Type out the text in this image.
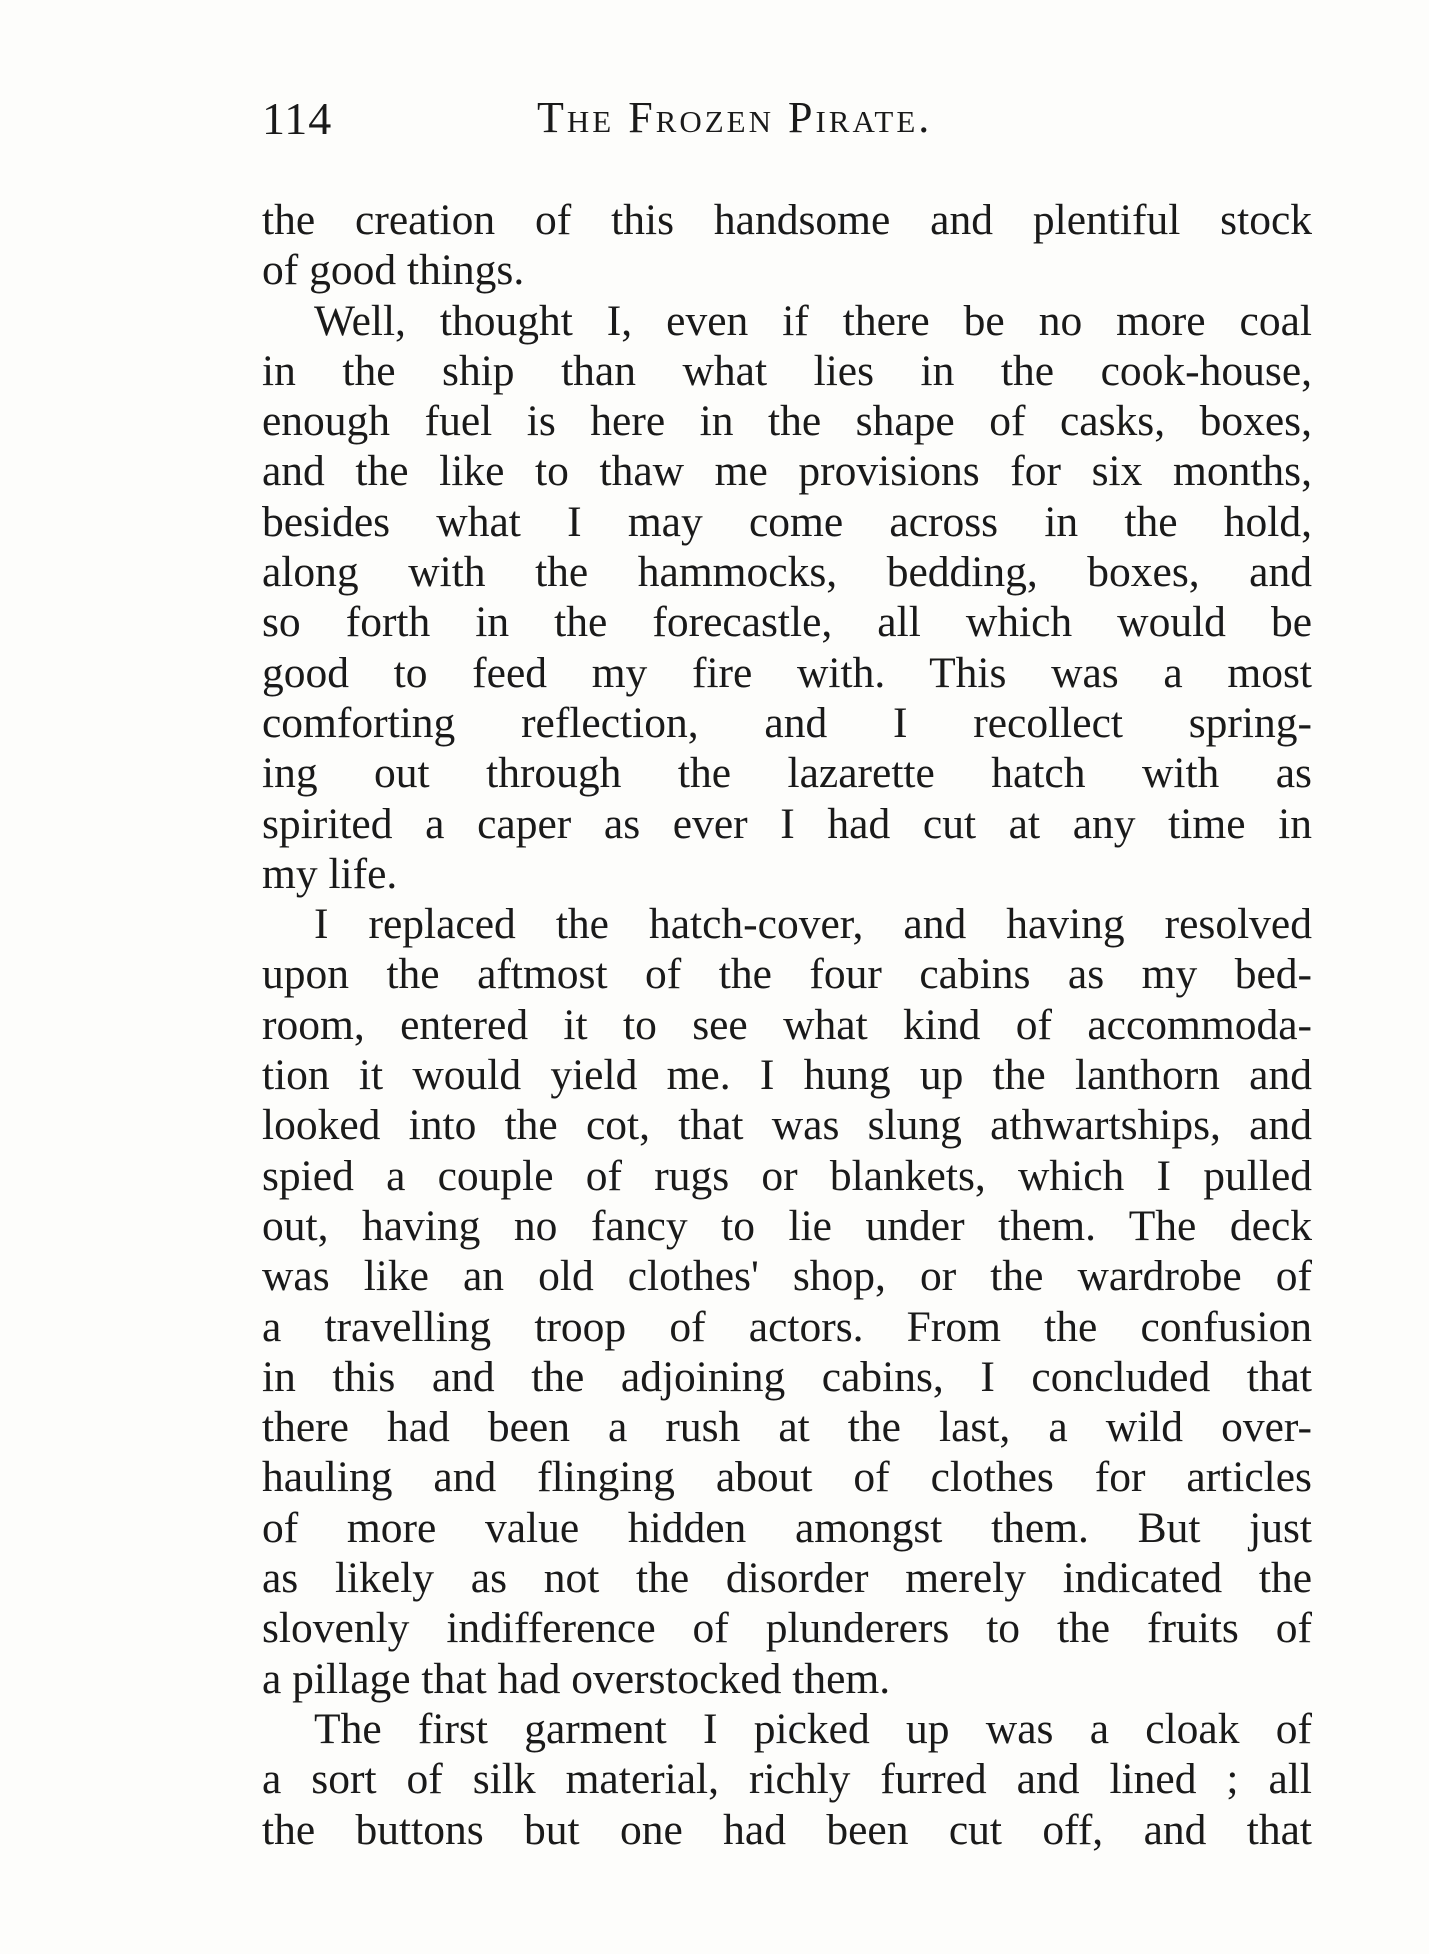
114	The Frozen Pirate.
the creation of this handsome and plentiful stock
of good things.
Well, thought I, even if there be no more coal
in the ship than what lies in the cook-house,
enough fuel is here in the shape of casks, boxes,
and the like to thaw me provisions for six months,
besides what I may come across in the hold,
along with the hammocks, bedding, boxes, and
so forth in the forecastle, all which would be
good to feed my fire with. This was a most
comforting reflection, and I recollect spring-
ing out through the lazarette hatch with as
spirited a caper as ever I had cut at any time in
my life.
I replaced the hatch-cover, and having resolved
upon the aftmost of the four cabins as my bed-
room, entered it to see what kind of accommoda-
tion it would yield me. I hung up the lanthorn and
looked into the cot, that was slung athwartships, and
spied a couple of rugs or blankets, which I pulled
out, having no fancy to lie under them. The deck
was like an old clothes' shop, or the wardrobe of
a travelling troop of actors. From the confusion
in this and the adjoining cabins, I concluded that
there had been a rush at the last, a wild over-
hauling and flinging about of clothes for articles
of more value hidden amongst them. But just
as likely as not the disorder merely indicated the
slovenly indifference of plunderers to the fruits of
a pillage that had overstocked them.
The first garment I picked up was a cloak of
a sort of silk material, richly furred and lined ; all
the buttons but one had been cut off, and that
